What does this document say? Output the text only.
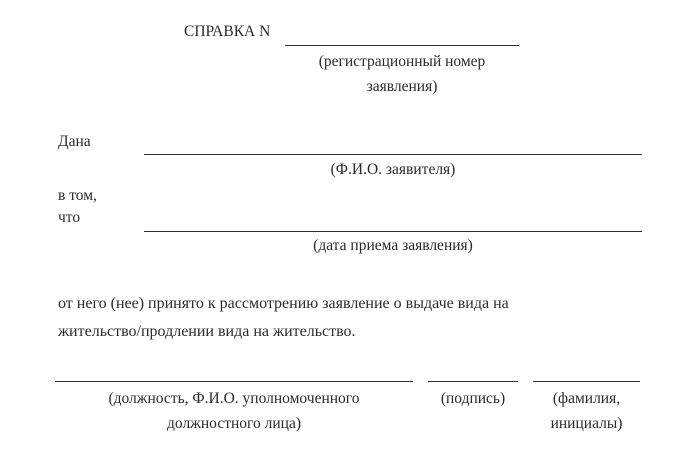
СПРАВКА N
(регистрационный номер
заявления)
Дана
(Ф.И.О. заявителя)
в том,
что
(дата приема заявления)
от него (нее) принято к рассмотрению заявление о выдаче вида на
жительство/продлении вида на жительство.
(должность, Ф.И.О. уполномоченного
должностного лица)
(подпись)	(фамилия,
инициалы)
